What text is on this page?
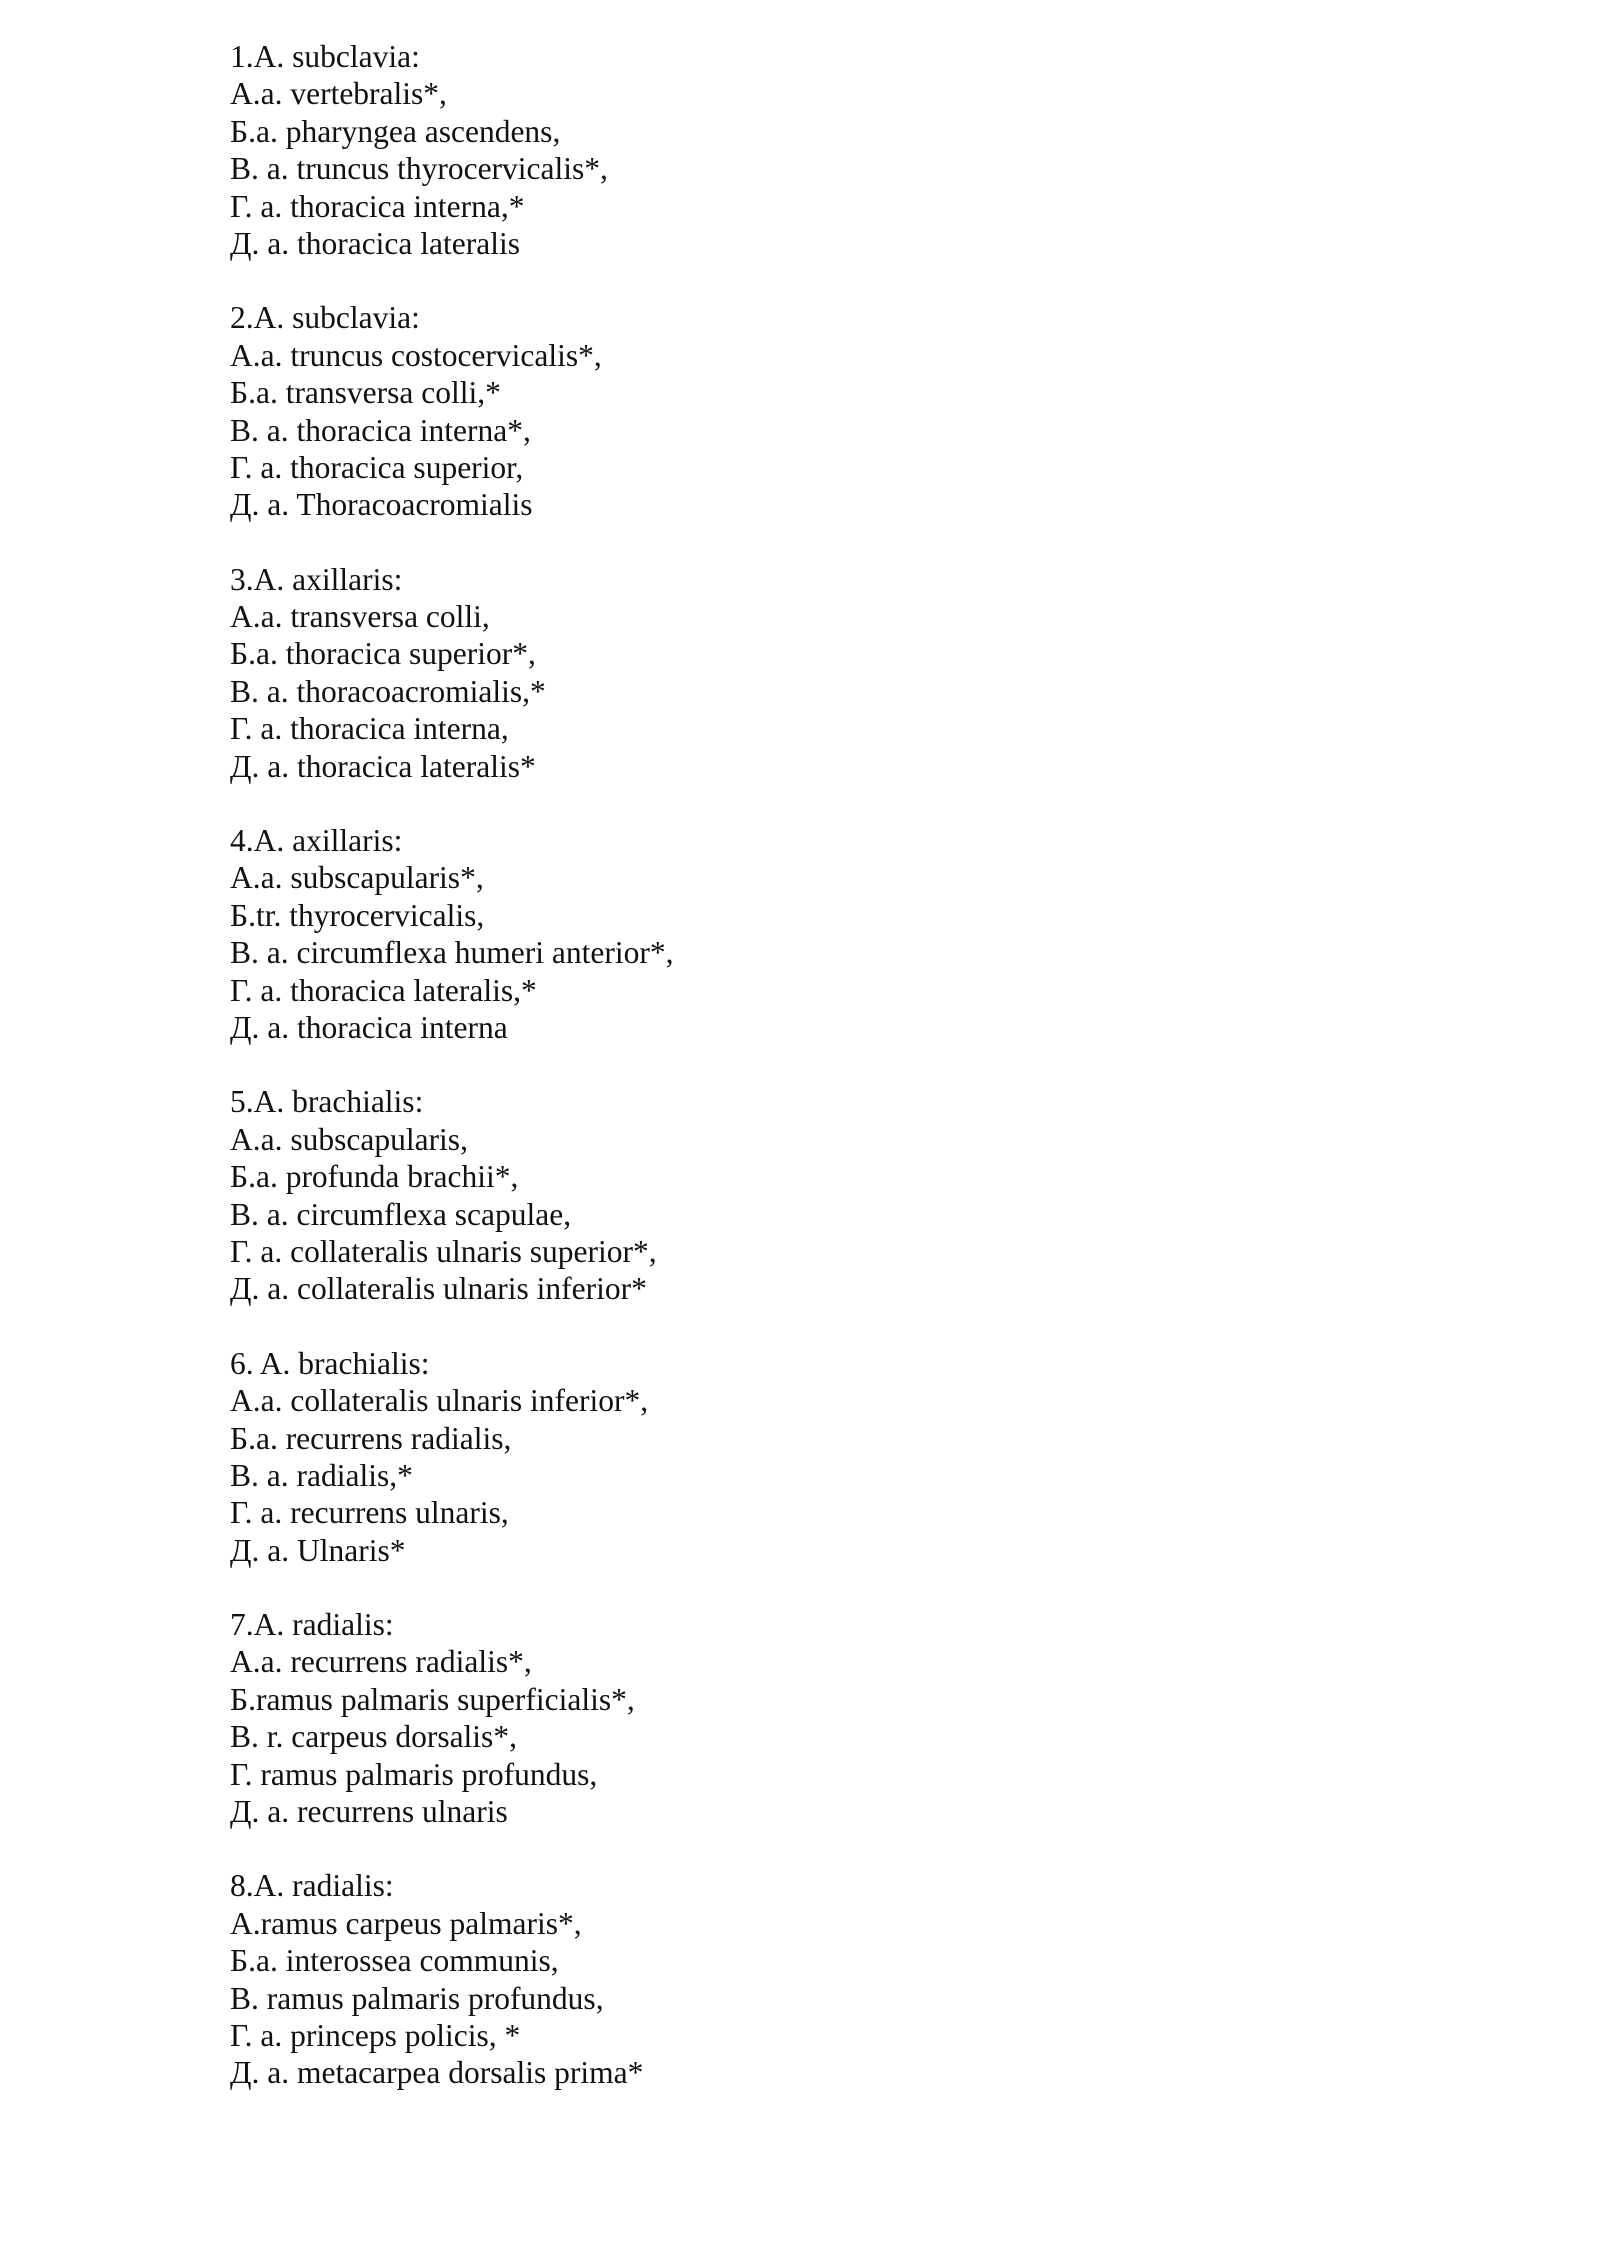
1.A. subclavia:
А.a. vertebralis*,
Б.a. pharyngea ascendens,
В. a. truncus thyrocervicalis*,
Г. a. thoracica interna,*
Д. a. thoracica lateralis
2.A. subclavia:
А.a. truncus costocervicalis*,
Б.a. transversa colli,*
В. a. thoracica interna*,
Г. a. thoracica superior,
Д. a. Thoracoacromialis
3.A. axillaris:
А.a. transversa colli,
Б.a. thoracica superior*,
В. a. thoracoacromialis,*
Г. a. thoracica interna,
Д. a. thoracica lateralis*
4.A. axillaris:
А.a. subscapularis*,
Б.tr. thyrocervicalis,
В. a. circumflexa humeri anterior*,
Г. a. thoracica lateralis,*
Д. a. thoracica interna
5.A. brachialis:
А.a. subscapularis,
Б.a. profunda brachii*,
В. a. circumflexa scapulae,
Г. a. collateralis ulnaris superior*,
Д. a. collateralis ulnaris inferior*
6. A. brachialis:
А.a. collateralis ulnaris inferior*,
Б.a. recurrens radialis,
В. a. radialis,*
Г. a. recurrens ulnaris,
Д. a. Ulnaris*
7.A. radialis:
А.a. recurrens radialis*,
Б.ramus palmaris superficialis*,
В. r. carpeus dorsalis*,
Г. ramus palmaris profundus,
Д. a. recurrens ulnaris
8.A. radialis:
А.ramus carpeus palmaris*,
Б.a. interossea communis,
В. ramus palmaris profundus,
Г. a. princeps policis, *
Д. a. metacarpea dorsalis prima*
